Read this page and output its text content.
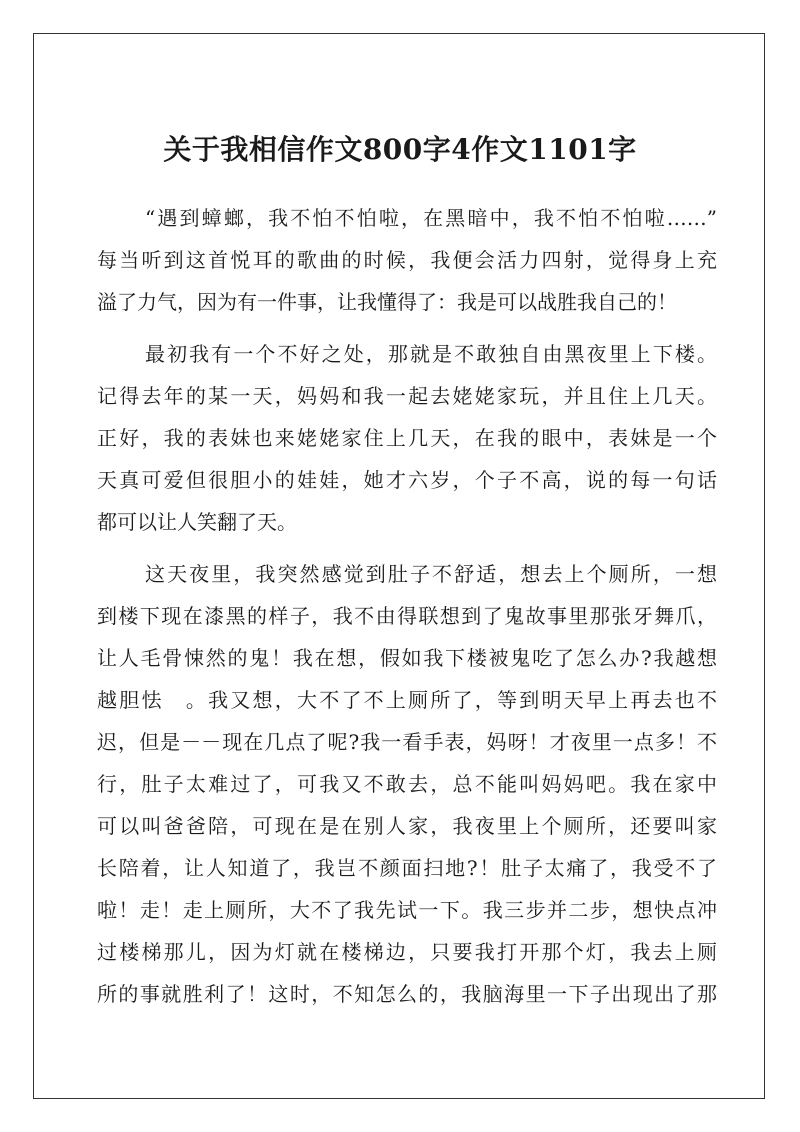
关于我相信作文800字4作文1101字
“遇到蟑螂，我不怕不怕啦，在黑暗中，我不怕不怕啦……”
每当听到这首悦耳的歌曲的时候，我便会活力四射，觉得身上充
溢了力气，因为有一件事，让我懂得了：我是可以战胜我自己的！
最初我有一个不好之处，那就是不敢独自由黑夜里上下楼。
记得去年的某一天，妈妈和我一起去姥姥家玩，并且住上几天。
正好，我的表妹也来姥姥家住上几天，在我的眼中，表妹是一个
天真可爱但很胆小的娃娃，她才六岁，个子不高，说的每一句话
都可以让人笑翻了天。
这天夜里，我突然感觉到肚子不舒适，想去上个厕所，一想
到楼下现在漆黑的样子，我不由得联想到了鬼故事里那张牙舞爪，
让人毛骨悚然的鬼！我在想，假如我下楼被鬼吃了怎么办?我越想
越胆怯　。我又想，大不了不上厕所了，等到明天早上再去也不
迟，但是－－现在几点了呢?我一看手表，妈呀！才夜里一点多！不
行，肚子太难过了，可我又不敢去，总不能叫妈妈吧。我在家中
可以叫爸爸陪，可现在是在别人家，我夜里上个厕所，还要叫家
长陪着，让人知道了，我岂不颜面扫地?！肚子太痛了，我受不了
啦！走！走上厕所，大不了我先试一下。我三步并二步，想快点冲
过楼梯那儿，因为灯就在楼梯边，只要我打开那个灯，我去上厕
所的事就胜利了！这时，不知怎么的，我脑海里一下子出现出了那
